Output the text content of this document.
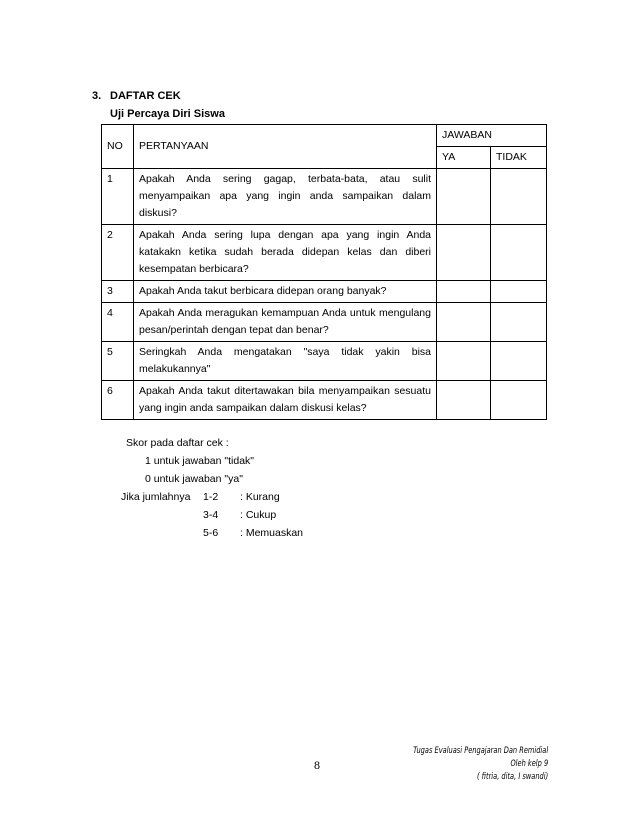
3. DAFTAR CEK
Uji Percaya Diri Siswa
NO	PERTANYAAN	JAWABAN	
		YA	TIDAK
1	Apakah Anda sering gagap, terbata-bata, atau sulit menyampaikan apa yang ingin anda sampaikan dalam diskusi?		
2	Apakah Anda sering lupa dengan apa yang ingin Anda katakakn ketika sudah berada didepan kelas dan diberi kesempatan berbicara?		
3	Apakah Anda takut berbicara didepan orang banyak?		
4	Apakah Anda meragukan kemampuan Anda untuk mengulang pesan/perintah dengan tepat dan benar?		
5	Seringkah Anda mengatakan "saya tidak yakin bisa melakukannya"		
6	Apakah Anda takut ditertawakan bila menyampaikan sesuatu yang ingin anda sampaikan dalam diskusi kelas?		
Skor pada daftar cek :
1 untuk jawaban "tidak"
0 untuk jawaban "ya"
Jika jumlahnya 1-2 : Kurang
3-4 : Cukup
5-6 : Memuaskan
8
Tugas Evaluasi Pengajaran Dan Remidial
Oleh kelp 9
( fitria, dita, I swandi)
